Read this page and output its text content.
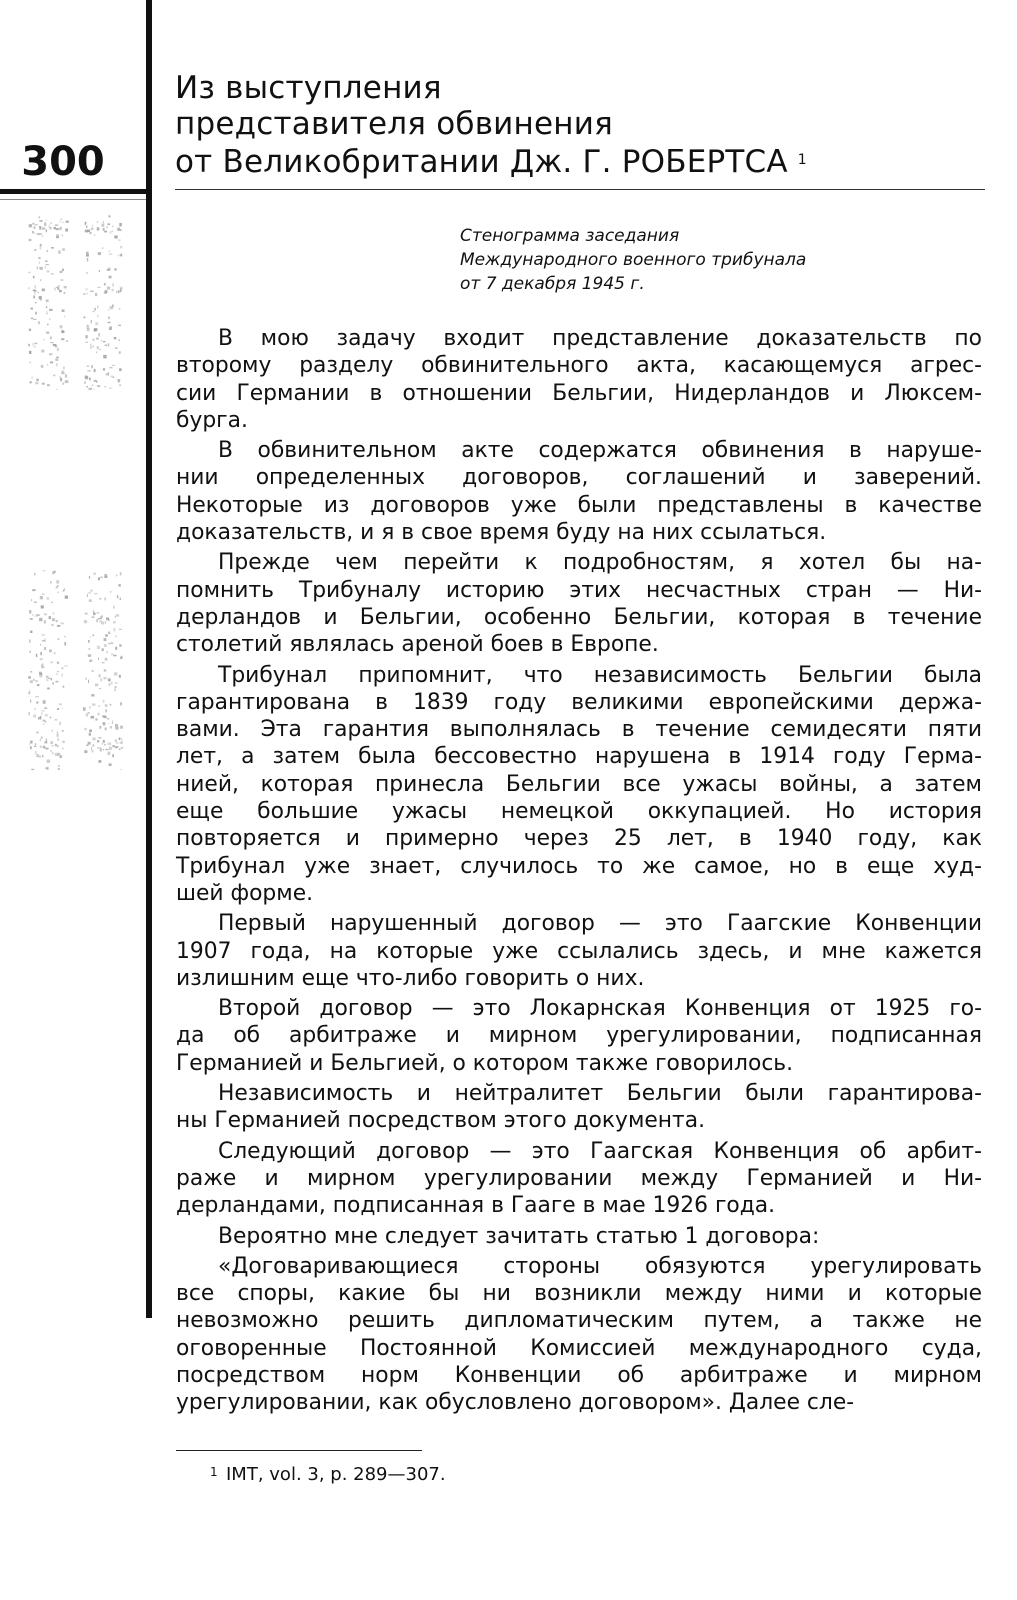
300
Из выступления
представителя обвинения
от Великобритании Дж. Г. РОБЕРТСА $^1$
Стенограмма заседания
Международного военного трибунала
от 7 декабря 1945 г.

В мою задачу входит представление доказательств по
второму разделу обвинительного акта, касающемуся агрес-
сии Германии в отношении Бельгии, Нидерландов и Люксем-
бурга.

В обвинительном акте содержатся обвинения в наруше-
нии определенных договоров, соглашений и заверений.
Некоторые из договоров уже были представлены в качестве
доказательств, и я в свое время буду на них ссылаться.

Прежде чем перейти к подробностям, я хотел бы на-
помнить Трибуналу историю этих несчастных стран — Ни-
дерландов и Бельгии, особенно Бельгии, которая в течение
столетий являлась ареной боев в Европе.

Трибунал припомнит, что независимость Бельгии была
гарантирована в 1839 году великими европейскими держа-
вами. Эта гарантия выполнялась в течение семидесяти пяти
лет, а затем была бессовестно нарушена в 1914 году Герма-
нией, которая принесла Бельгии все ужасы войны, а затем
еще большие ужасы немецкой оккупацией. Но история
повторяется и примерно через 25 лет, в 1940 году, как
Трибунал уже знает, случилось то же самое, но в еще худ-
шей форме.

Первый нарушенный договор — это Гаагские Конвенции
1907 года, на которые уже ссылались здесь, и мне кажется
излишним еще что-либо говорить о них.

Второй договор — это Локарнская Конвенция от 1925 го-
да об арбитраже и мирном урегулировании, подписанная
Германией и Бельгией, о котором также говорилось.

Независимость и нейтралитет Бельгии были гарантирова-
ны Германией посредством этого документа.

Следующий договор — это Гаагская Конвенция об арбит-
раже и мирном урегулировании между Германией и Ни-
дерландами, подписанная в Гааге в мае 1926 года.

Вероятно мне следует зачитать статью 1 договора:

«Договаривающиеся стороны обязуются урегулировать
все споры, какие бы ни возникли между ними и которые
невозможно решить дипломатическим путем, а также не
оговоренные Постоянной Комиссией международного суда,
посредством норм Конвенции об арбитраже и мирном
урегулировании, как обусловлено договором». Далее сле-

1 IMT, vol. 3, p. 289—307.
